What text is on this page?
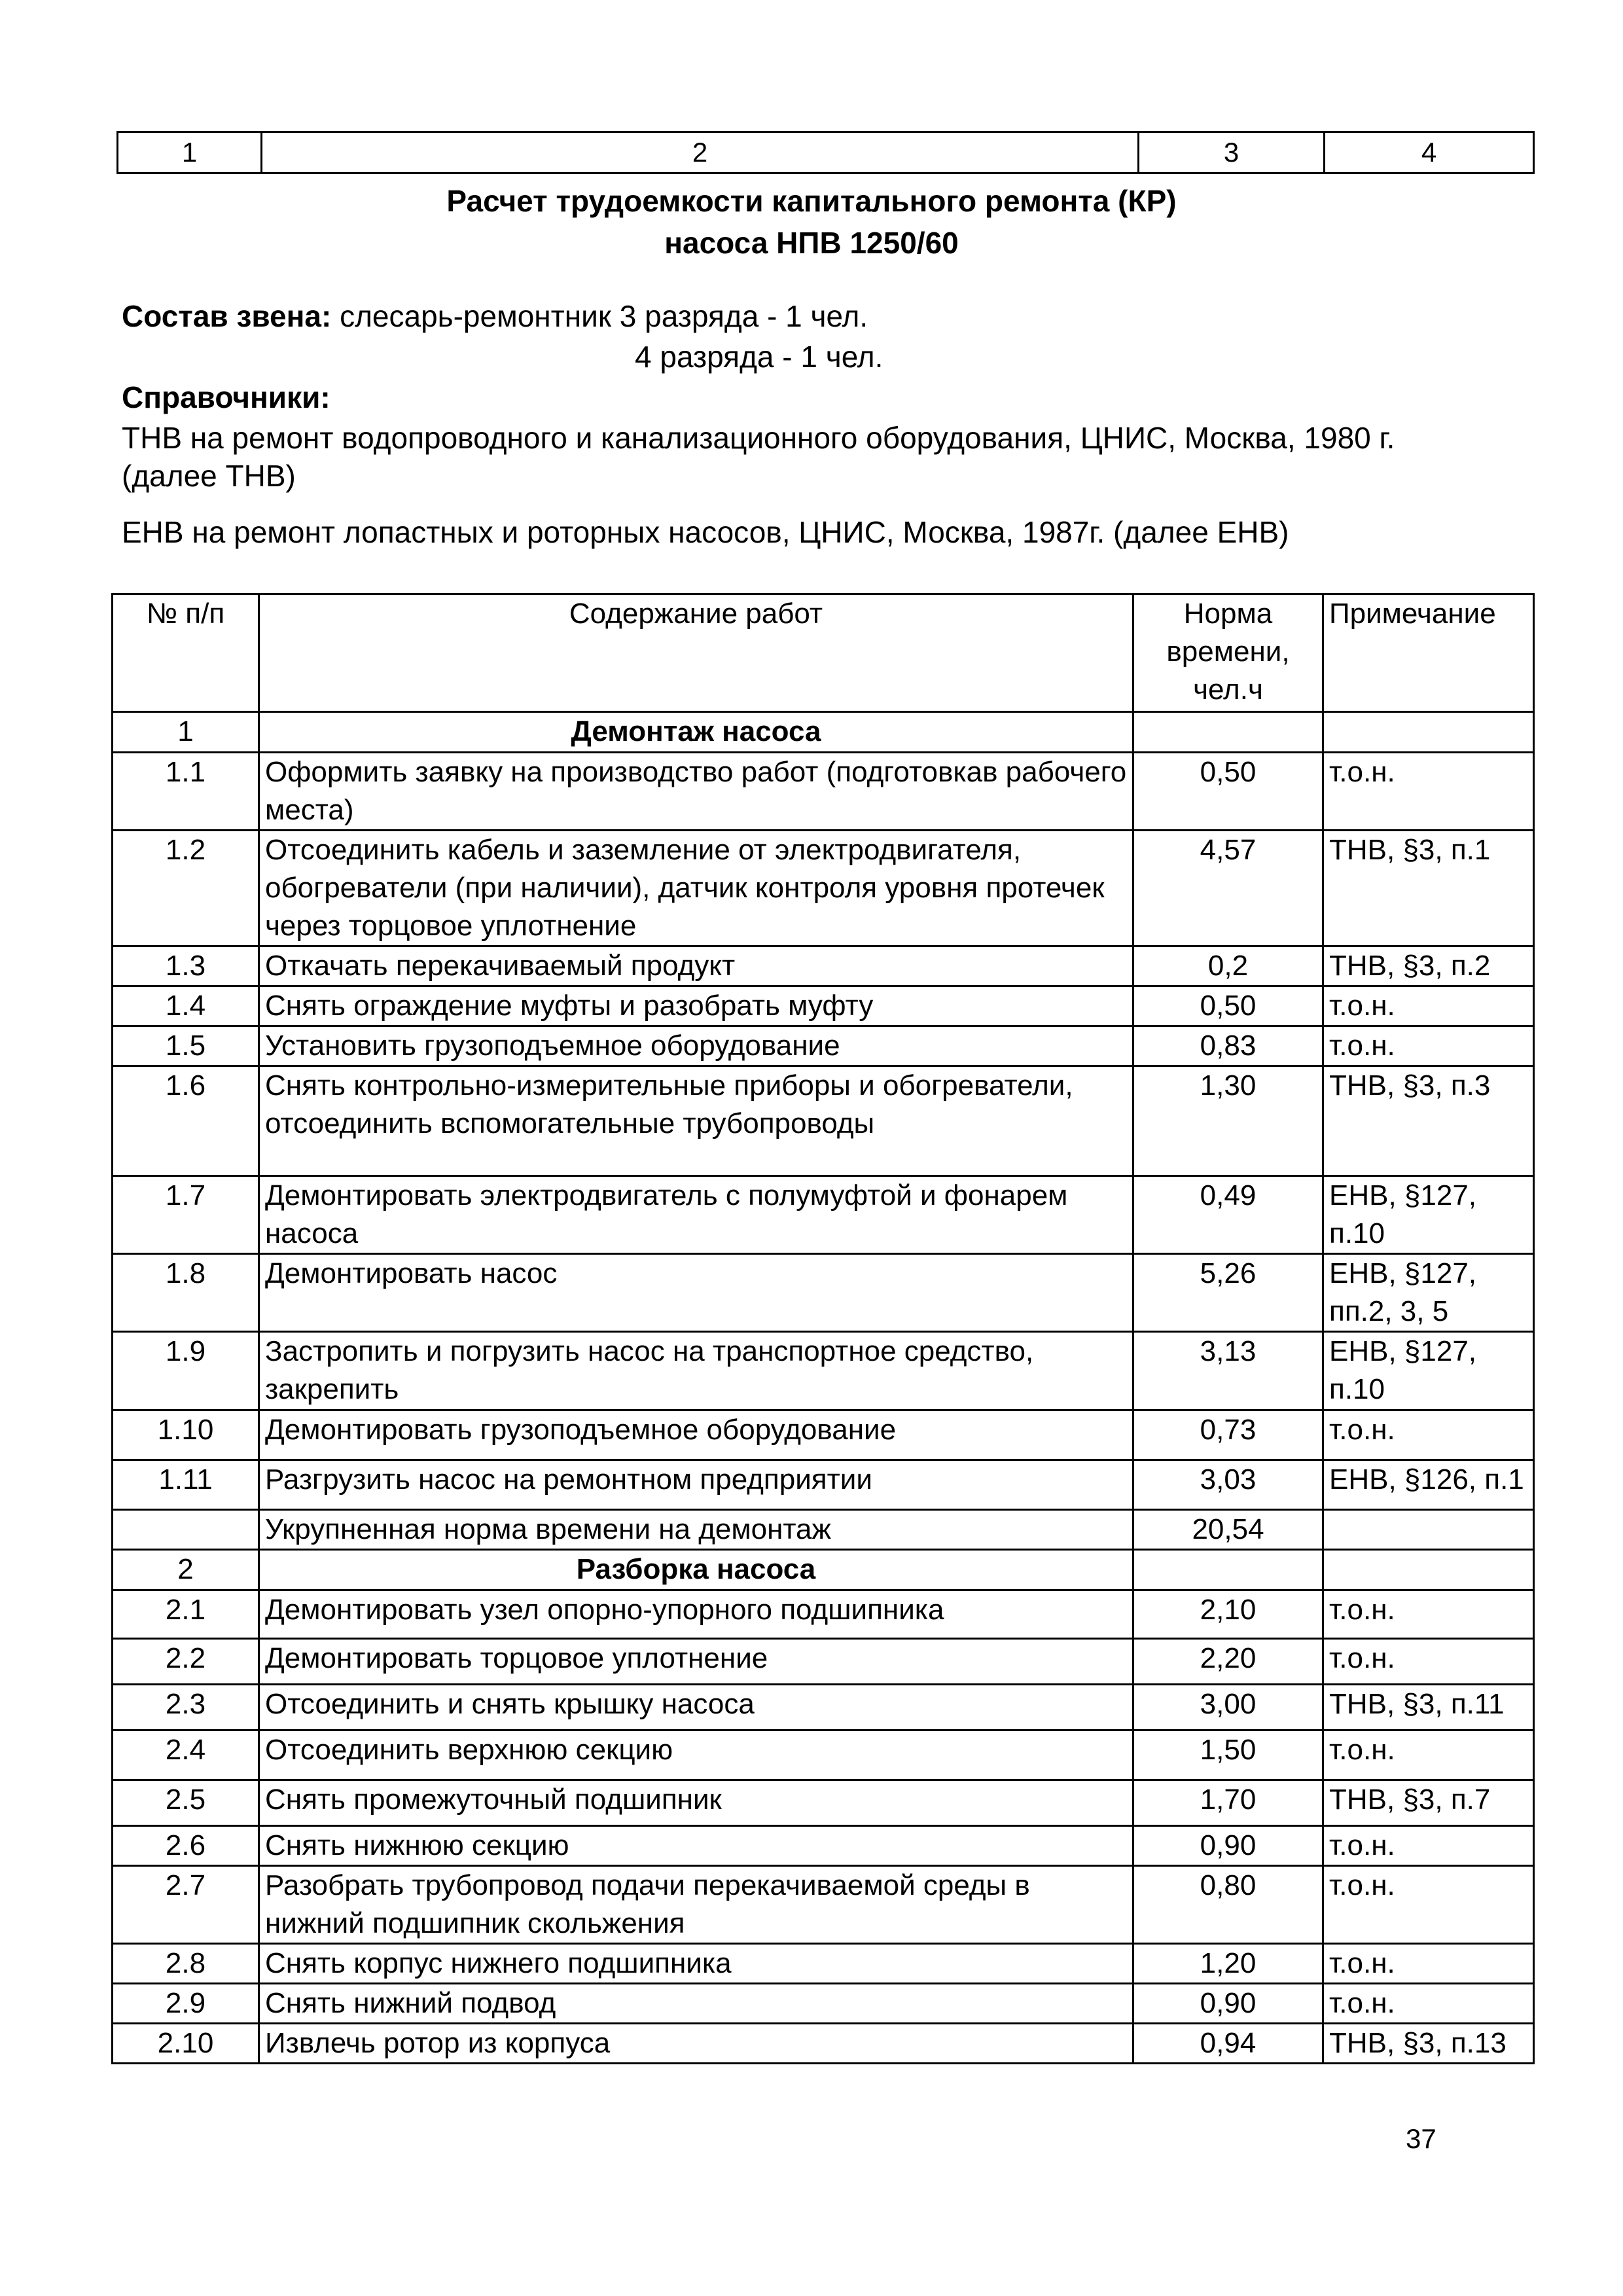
1	2	3	4
Расчет трудоемкости капитального ремонта (КР)
насоса НПВ 1250/60
Состав звена: слесарь-ремонтник 3 разряда - 1 чел.
4 разряда - 1 чел.
Справочники:
ТНВ на ремонт водопроводного и канализационного оборудования, ЦНИС, Москва, 1980 г.
(далее ТНВ)
ЕНВ на ремонт лопастных и роторных насосов, ЦНИС, Москва, 1987г. (далее ЕНВ)
№ п/п	Содержание работ	Норма времени, чел.ч	Примечание
1	Демонтаж насоса		
1.1	Оформить заявку на производство работ (подготовкав рабочего места)	0,50	т.о.н.
1.2	Отсоединить кабель и заземление от электродвигателя, обогреватели (при наличии), датчик контроля уровня протечек через торцовое уплотнение	4,57	ТНВ, §3, п.1
1.3	Откачать перекачиваемый продукт	0,2	ТНВ, §3, п.2
1.4	Снять ограждение муфты и разобрать муфту	0,50	т.о.н.
1.5	Установить грузоподъемное оборудование	0,83	т.о.н.
1.6	Снять контрольно-измерительные приборы и обогреватели, отсоединить вспомогательные трубопроводы	1,30	ТНВ, §3, п.3
1.7	Демонтировать электродвигатель с полумуфтой и фонарем насоса	0,49	ЕНВ, §127, п.10
1.8	Демонтировать насос	5,26	ЕНВ, §127, пп.2, 3, 5
1.9	Застропить и погрузить насос на транспортное средство, закрепить	3,13	ЕНВ, §127, п.10
1.10	Демонтировать грузоподъемное оборудование	0,73	т.о.н.
1.11	Разгрузить насос на ремонтном предприятии	3,03	ЕНВ, §126, п.1
	Укрупненная норма времени на демонтаж	20,54	
2	Разборка насоса		
2.1	Демонтировать узел опорно-упорного подшипника	2,10	т.о.н.
2.2	Демонтировать торцовое уплотнение	2,20	т.о.н.
2.3	Отсоединить и снять крышку насоса	3,00	ТНВ, §3, п.11
2.4	Отсоединить верхнюю секцию	1,50	т.о.н.
2.5	Снять промежуточный подшипник	1,70	ТНВ, §3, п.7
2.6	Снять нижнюю секцию	0,90	т.о.н.
2.7	Разобрать трубопровод подачи перекачиваемой среды в нижний подшипник скольжения	0,80	т.о.н.
2.8	Снять корпус нижнего подшипника	1,20	т.о.н.
2.9	Снять нижний подвод	0,90	т.о.н.
2.10	Извлечь ротор из корпуса	0,94	ТНВ, §3, п.13
37
